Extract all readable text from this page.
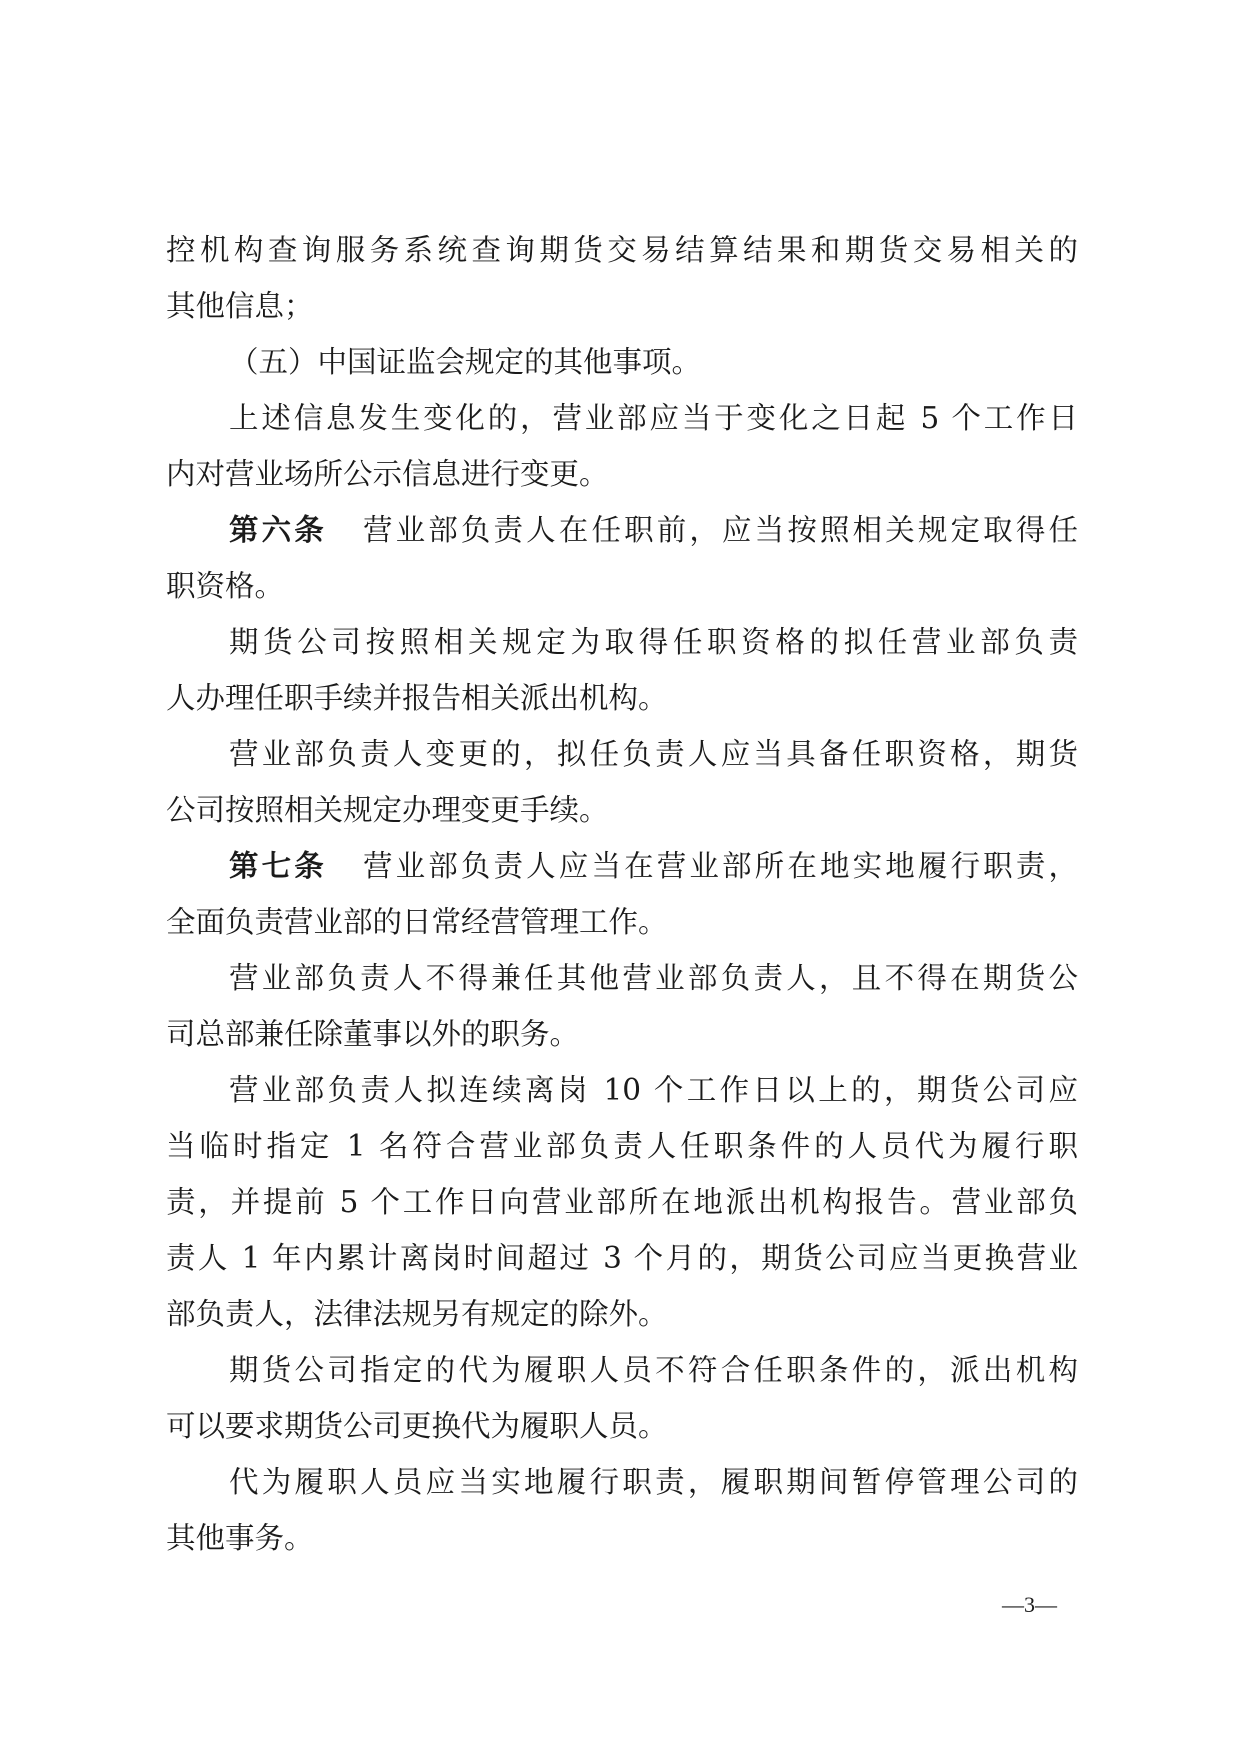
控机构查询服务系统查询期货交易结算结果和期货交易相关的
其他信息；
（五）中国证监会规定的其他事项。
上述信息发生变化的，营业部应当于变化之日起 5 个工作日
内对营业场所公示信息进行变更。
第六条 营业部负责人在任职前，应当按照相关规定取得任
职资格。
期货公司按照相关规定为取得任职资格的拟任营业部负责
人办理任职手续并报告相关派出机构。
营业部负责人变更的，拟任负责人应当具备任职资格，期货
公司按照相关规定办理变更手续。
第七条 营业部负责人应当在营业部所在地实地履行职责，
全面负责营业部的日常经营管理工作。
营业部负责人不得兼任其他营业部负责人，且不得在期货公
司总部兼任除董事以外的职务。
营业部负责人拟连续离岗 10 个工作日以上的，期货公司应
当临时指定 1 名符合营业部负责人任职条件的人员代为履行职
责，并提前 5 个工作日向营业部所在地派出机构报告。营业部负
责人 1 年内累计离岗时间超过 3 个月的，期货公司应当更换营业
部负责人，法律法规另有规定的除外。
期货公司指定的代为履职人员不符合任职条件的，派出机构
可以要求期货公司更换代为履职人员。
代为履职人员应当实地履行职责，履职期间暂停管理公司的
其他事务。
—3—
